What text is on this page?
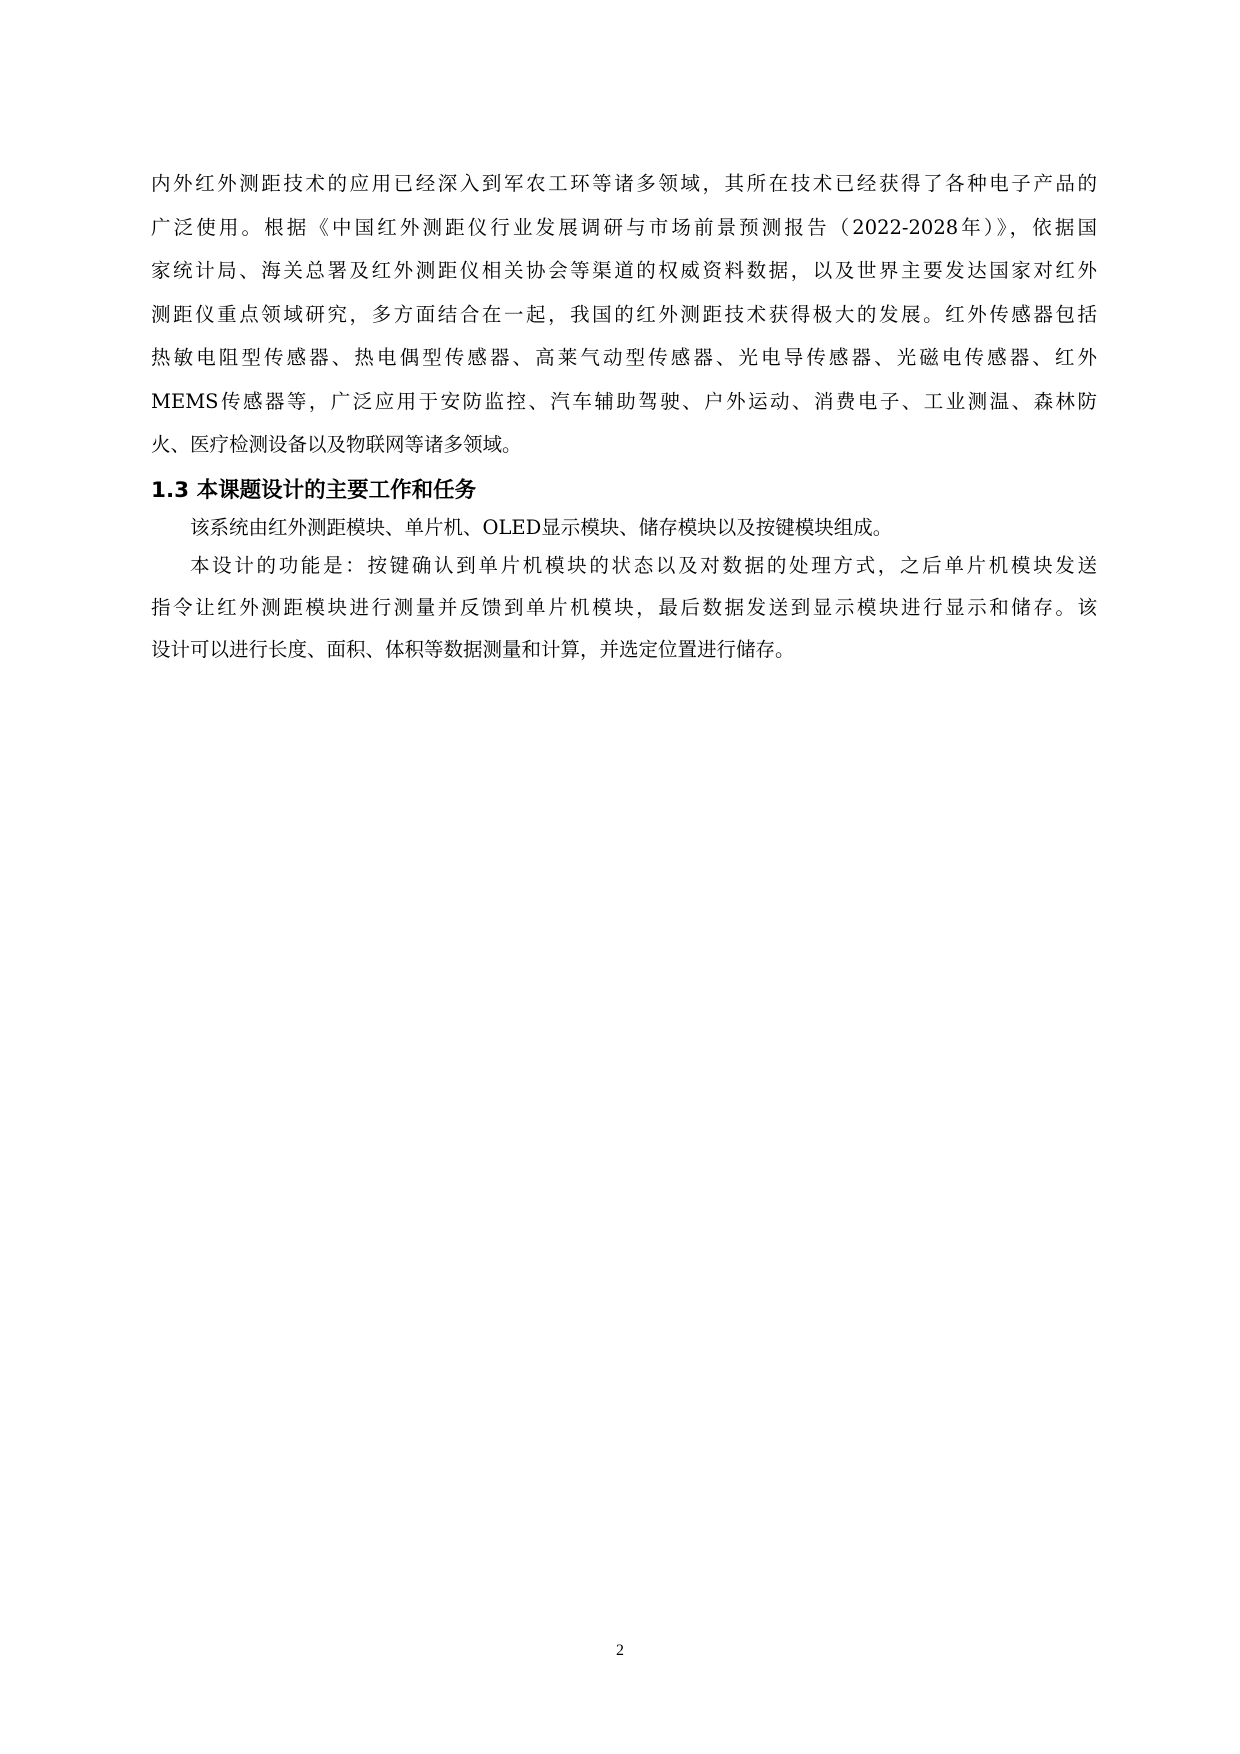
内外红外测距技术的应用已经深入到军农工环等诸多领域，其所在技术已经获得了各种电子产品的
广泛使用。根据《中国红外测距仪行业发展调研与市场前景预测报告（2022-2028年）》，依据国
家统计局、海关总署及红外测距仪相关协会等渠道的权威资料数据，以及世界主要发达国家对红外
测距仪重点领域研究，多方面结合在一起，我国的红外测距技术获得极大的发展。红外传感器包括
热敏电阻型传感器、热电偶型传感器、高莱气动型传感器、光电导传感器、光磁电传感器、红外
MEMS传感器等，广泛应用于安防监控、汽车辅助驾驶、户外运动、消费电子、工业测温、森林防
火、医疗检测设备以及物联网等诸多领域。
1.3 本课题设计的主要工作和任务
该系统由红外测距模块、单片机、OLED显示模块、储存模块以及按键模块组成。
本设计的功能是：按键确认到单片机模块的状态以及对数据的处理方式，之后单片机模块发送
指令让红外测距模块进行测量并反馈到单片机模块，最后数据发送到显示模块进行显示和储存。该
设计可以进行长度、面积、体积等数据测量和计算，并选定位置进行储存。
2
